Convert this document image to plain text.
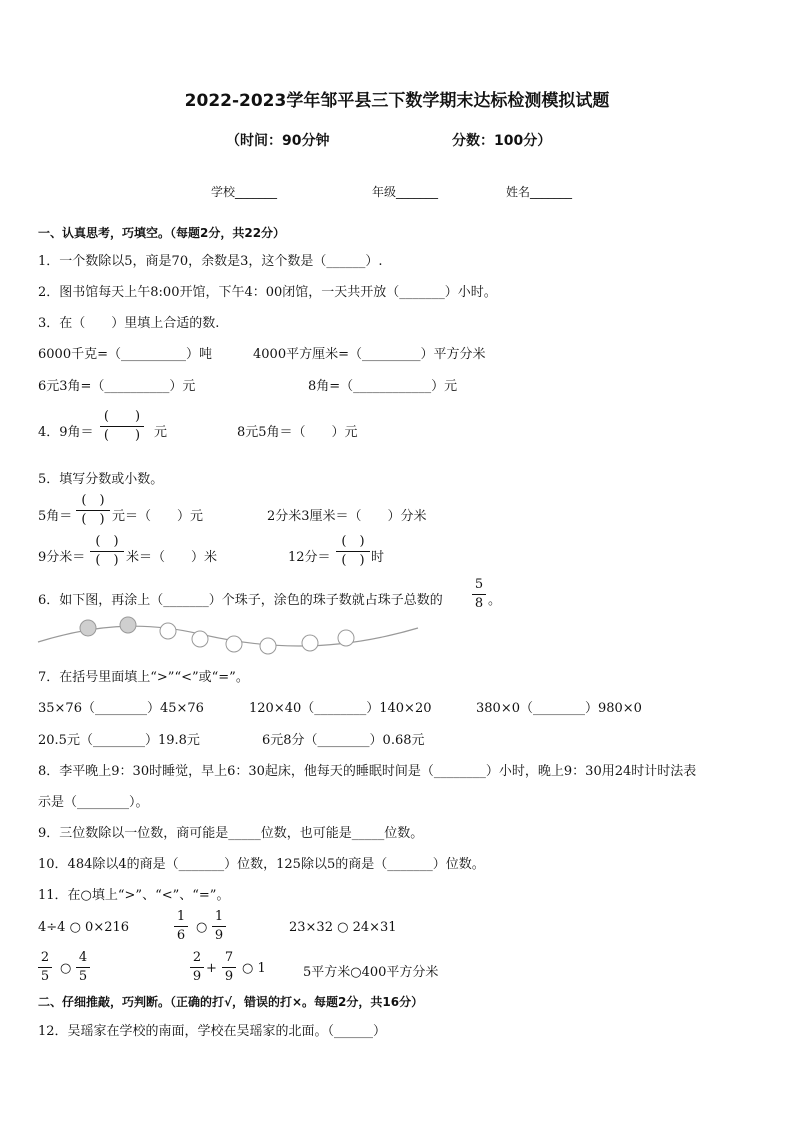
2022-2023学年邹平县三下数学期末达标检测模拟试题
（时间：90分钟	分数：100分）
学校_______	年级_______	姓名_______
一、认真思考，巧填空。（每题2分，共22分）
1．一个数除以5，商是70，余数是3，这个数是（______）.
2．图书馆每天上午8:00开馆，下午4：00闭馆，一天共开放（_______）小时。
3．在（　　）里填上合适的数.
6000千克=（__________）吨	4000平方厘米=（_________）平方分米
6元3角=（__________）元	8角=（____________）元
4．9角＝
(　　)
(　　)	元	8元5角＝（　　）元
5．填写分数或小数。
5角＝
(　)
(　) 元＝（　　）元	2分米3厘米＝（　　）分米
9分米＝
(　)
(　) 米＝（　　）米	12分＝
(　)
(　) 时
6．如下图，再涂上（_______）个珠子，涂色的珠子数就占珠子总数的
5
8 。
7．在括号里面填上“>”“<”或“=”。
35×76（________）45×76	120×40（________）140×20	380×0（________）980×0
20.5元（________）19.8元	6元8分（________）0.68元
8．李平晚上9：30时睡觉，早上6：30起床，他每天的睡眠时间是（________）小时，晚上9：30用24时计时法表
示是（________）。
9．三位数除以一位数，商可能是_____位数，也可能是_____位数。
10．484除以4的商是（_______）位数，125除以5的商是（_______）位数。
11．在○填上“>”、“<”、“=”。
4÷4 ○ 0×216
1
6
○
1
9
23×32 ○ 24×31
2
5
○
4
5
2
9
+
7
9
○ 1	5平方米○400平方分米
二、仔细推敲，巧判断。（正确的打√，错误的打×。每题2分，共16分）
12．吴瑶家在学校的南面，学校在吴瑶家的北面。（______）
